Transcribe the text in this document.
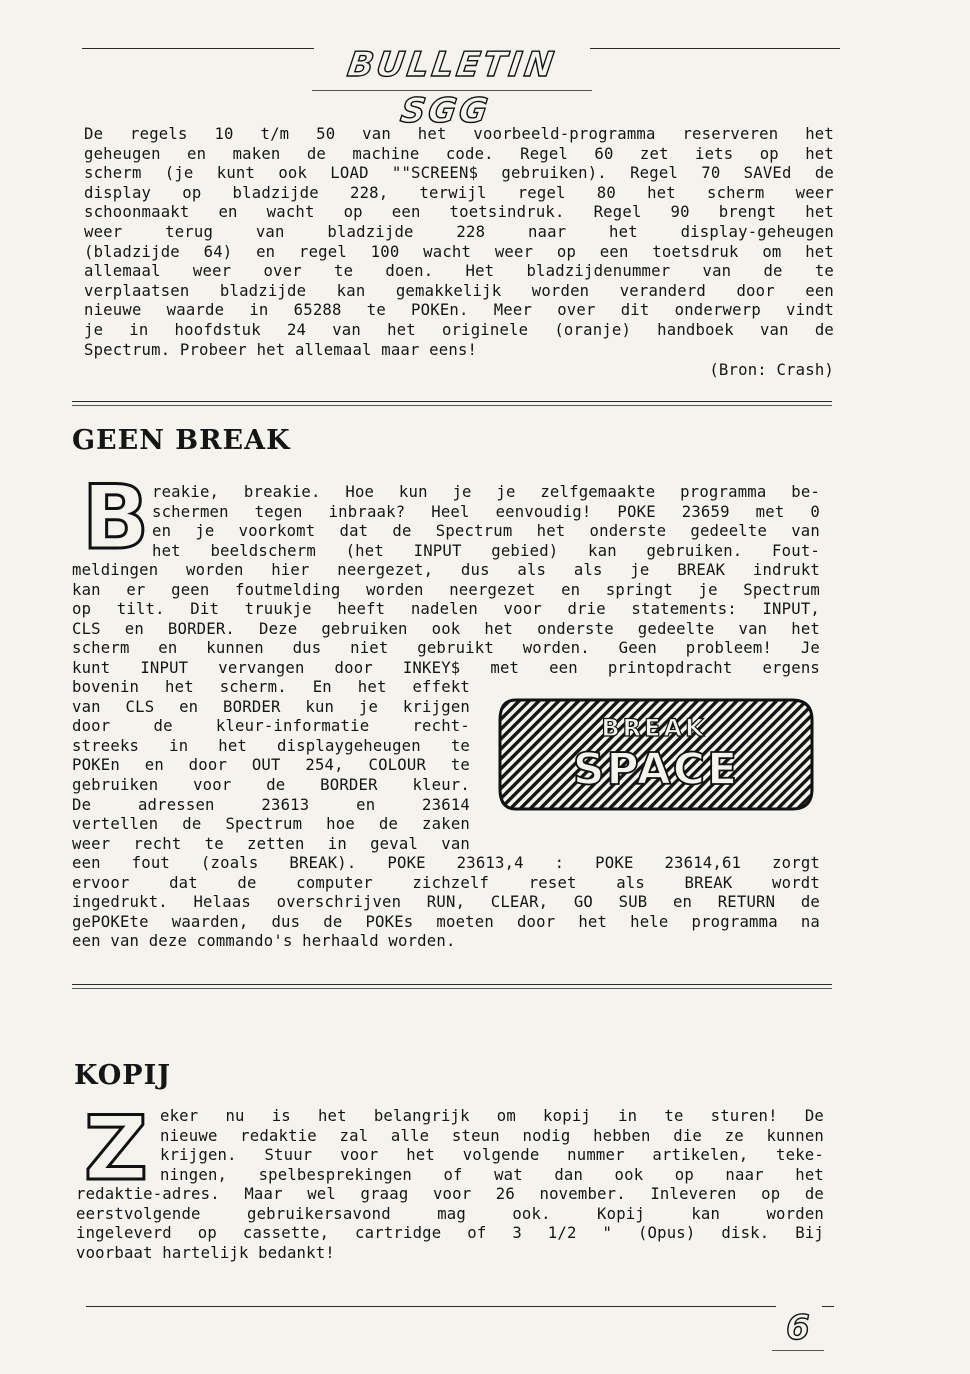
BULLETIN SGG

De regels 10 t/m 50 van het voorbeeld-programma reserveren het

geheugen en maken de machine code. Regel 60 zet iets op het

scherm (je kunt ook LOAD ""SCREEN$ gebruiken). Regel 70 SAVEd de

display op bladzijde 228, terwijl regel 80 het scherm weer

schoonmaakt en wacht op een toetsindruk. Regel 90 brengt het

weer terug van bladzijde 228 naar het display-geheugen

(bladzijde 64) en regel 100 wacht weer op een toetsdruk om het

allemaal weer over te doen. Het bladzijdenummer van de te

verplaatsen bladzijde kan gemakkelijk worden veranderd door een

nieuwe waarde in 65288 te POKEn. Meer over dit onderwerp vindt

je in hoofdstuk 24 van het originele (oranje) handboek van de

Spectrum. Probeer het allemaal maar eens!

(Bron: Crash)
GEEN BREAK
B reakie, breakie. Hoe kun je je zelfgemaakte programma be-

schermen tegen inbraak? Heel eenvoudig! POKE 23659 met 0

en je voorkomt dat de Spectrum het onderste gedeelte van

het beeldscherm (het INPUT gebied) kan gebruiken. Fout-

meldingen worden hier neergezet, dus als als je BREAK indrukt

kan er geen foutmelding worden neergezet en springt je Spectrum

op tilt. Dit truukje heeft nadelen voor drie statements: INPUT,

CLS en BORDER. Deze gebruiken ook het onderste gedeelte van het

scherm en kunnen dus niet gebruikt worden. Geen probleem! Je

kunt INPUT vervangen door INKEY$ met een printopdracht ergens

bovenin het scherm. En het effekt

van CLS en BORDER kun je krijgen

door de kleur-informatie recht-

streeks in het displaygeheugen te

POKEn en door OUT 254, COLOUR te

gebruiken voor de BORDER kleur.

De adressen 23613 en 23614

vertellen de Spectrum hoe de zaken

weer recht te zetten in geval van

een fout (zoals BREAK). POKE 23613,4 : POKE 23614,61 zorgt

ervoor dat de computer zichzelf reset als BREAK wordt

ingedrukt. Helaas overschrijven RUN, CLEAR, GO SUB en RETURN de

gePOKEte waarden, dus de POKEs moeten door het hele programma na

een van deze commando's herhaald worden.

BREAK
SPACE
KOPIJ
Z eker nu is het belangrijk om kopij in te sturen! De

nieuwe redaktie zal alle steun nodig hebben die ze kunnen

krijgen. Stuur voor het volgende nummer artikelen, teke-

ningen, spelbesprekingen of wat dan ook op naar het

redaktie-adres. Maar wel graag voor 26 november. Inleveren op de

eerstvolgende gebruikersavond mag ook. Kopij kan worden

ingeleverd op cassette, cartridge of 3 1/2 " (Opus) disk. Bij

voorbaat hartelijk bedankt!

6
